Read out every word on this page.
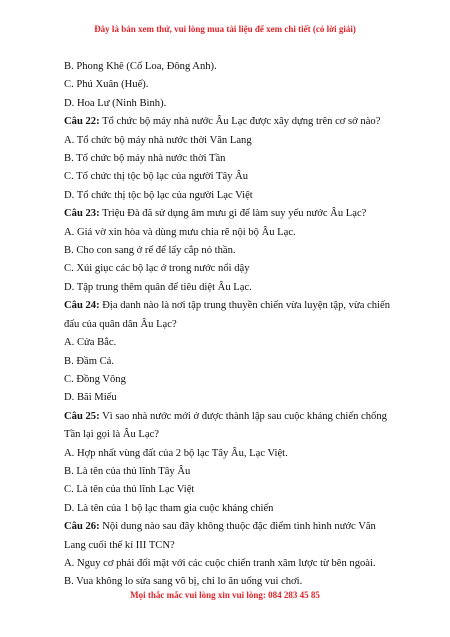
Đây là bản xem thử, vui lòng mua tài liệu để xem chi tiết (có lời giải)
B. Phong Khê (Cổ Loa, Đông Anh).
C. Phú Xuân (Huế).
D. Hoa Lư (Ninh Bình).
Câu 22: Tổ chức bộ máy nhà nước Âu Lạc được xây dựng trên cơ sở nào?
A. Tổ chức bộ máy nhà nước thời Văn Lang
B. Tổ chức bộ máy nhà nước thời Tần
C. Tổ chức thị tộc bộ lạc của người Tây Âu
D. Tổ chức thị tộc bộ lạc của người Lạc Việt
Câu 23: Triệu Đà đã sử dụng âm mưu gì để làm suy yếu nước Âu Lạc?
A. Giả vờ xin hòa và dùng mưu chia rẽ nội bộ Âu Lạc.
B. Cho con sang ở rể để lấy cắp nỏ thần.
C. Xúi giục các bộ lạc ở trong nước nổi dậy
D. Tập trung thêm quân để tiêu diệt Âu Lạc.
Câu 24: Địa danh nào là nơi tập trung thuyền chiến vừa luyện tập, vừa chiến
đấu của quân dân Âu Lạc?
A. Cửa Bắc.
B. Đầm Cả.
C. Đồng Vông
D. Bãi Miếu
Câu 25: Vì sao nhà nước mới ở được thành lập sau cuộc kháng chiến chống
Tần lại gọi là Âu Lạc?
A. Hợp nhất vùng đất của 2 bộ lạc Tây Âu, Lạc Việt.
B. Là tên của thủ lĩnh Tây Âu
C. Là tên của thủ lĩnh Lạc Việt
D. Là tên của 1 bộ lạc tham gia cuộc kháng chiến
Câu 26: Nội dung nào sau đây không thuộc đặc điểm tình hình nước Văn
Lang cuối thế kỉ III TCN?
A. Nguy cơ phải đối mặt với các cuộc chiến tranh xâm lược từ bên ngoài.
B. Vua không lo sửa sang võ bị, chỉ lo ăn uống vui chơi.
Mọi thắc mắc vui lòng xin vui lòng: 084 283 45 85
